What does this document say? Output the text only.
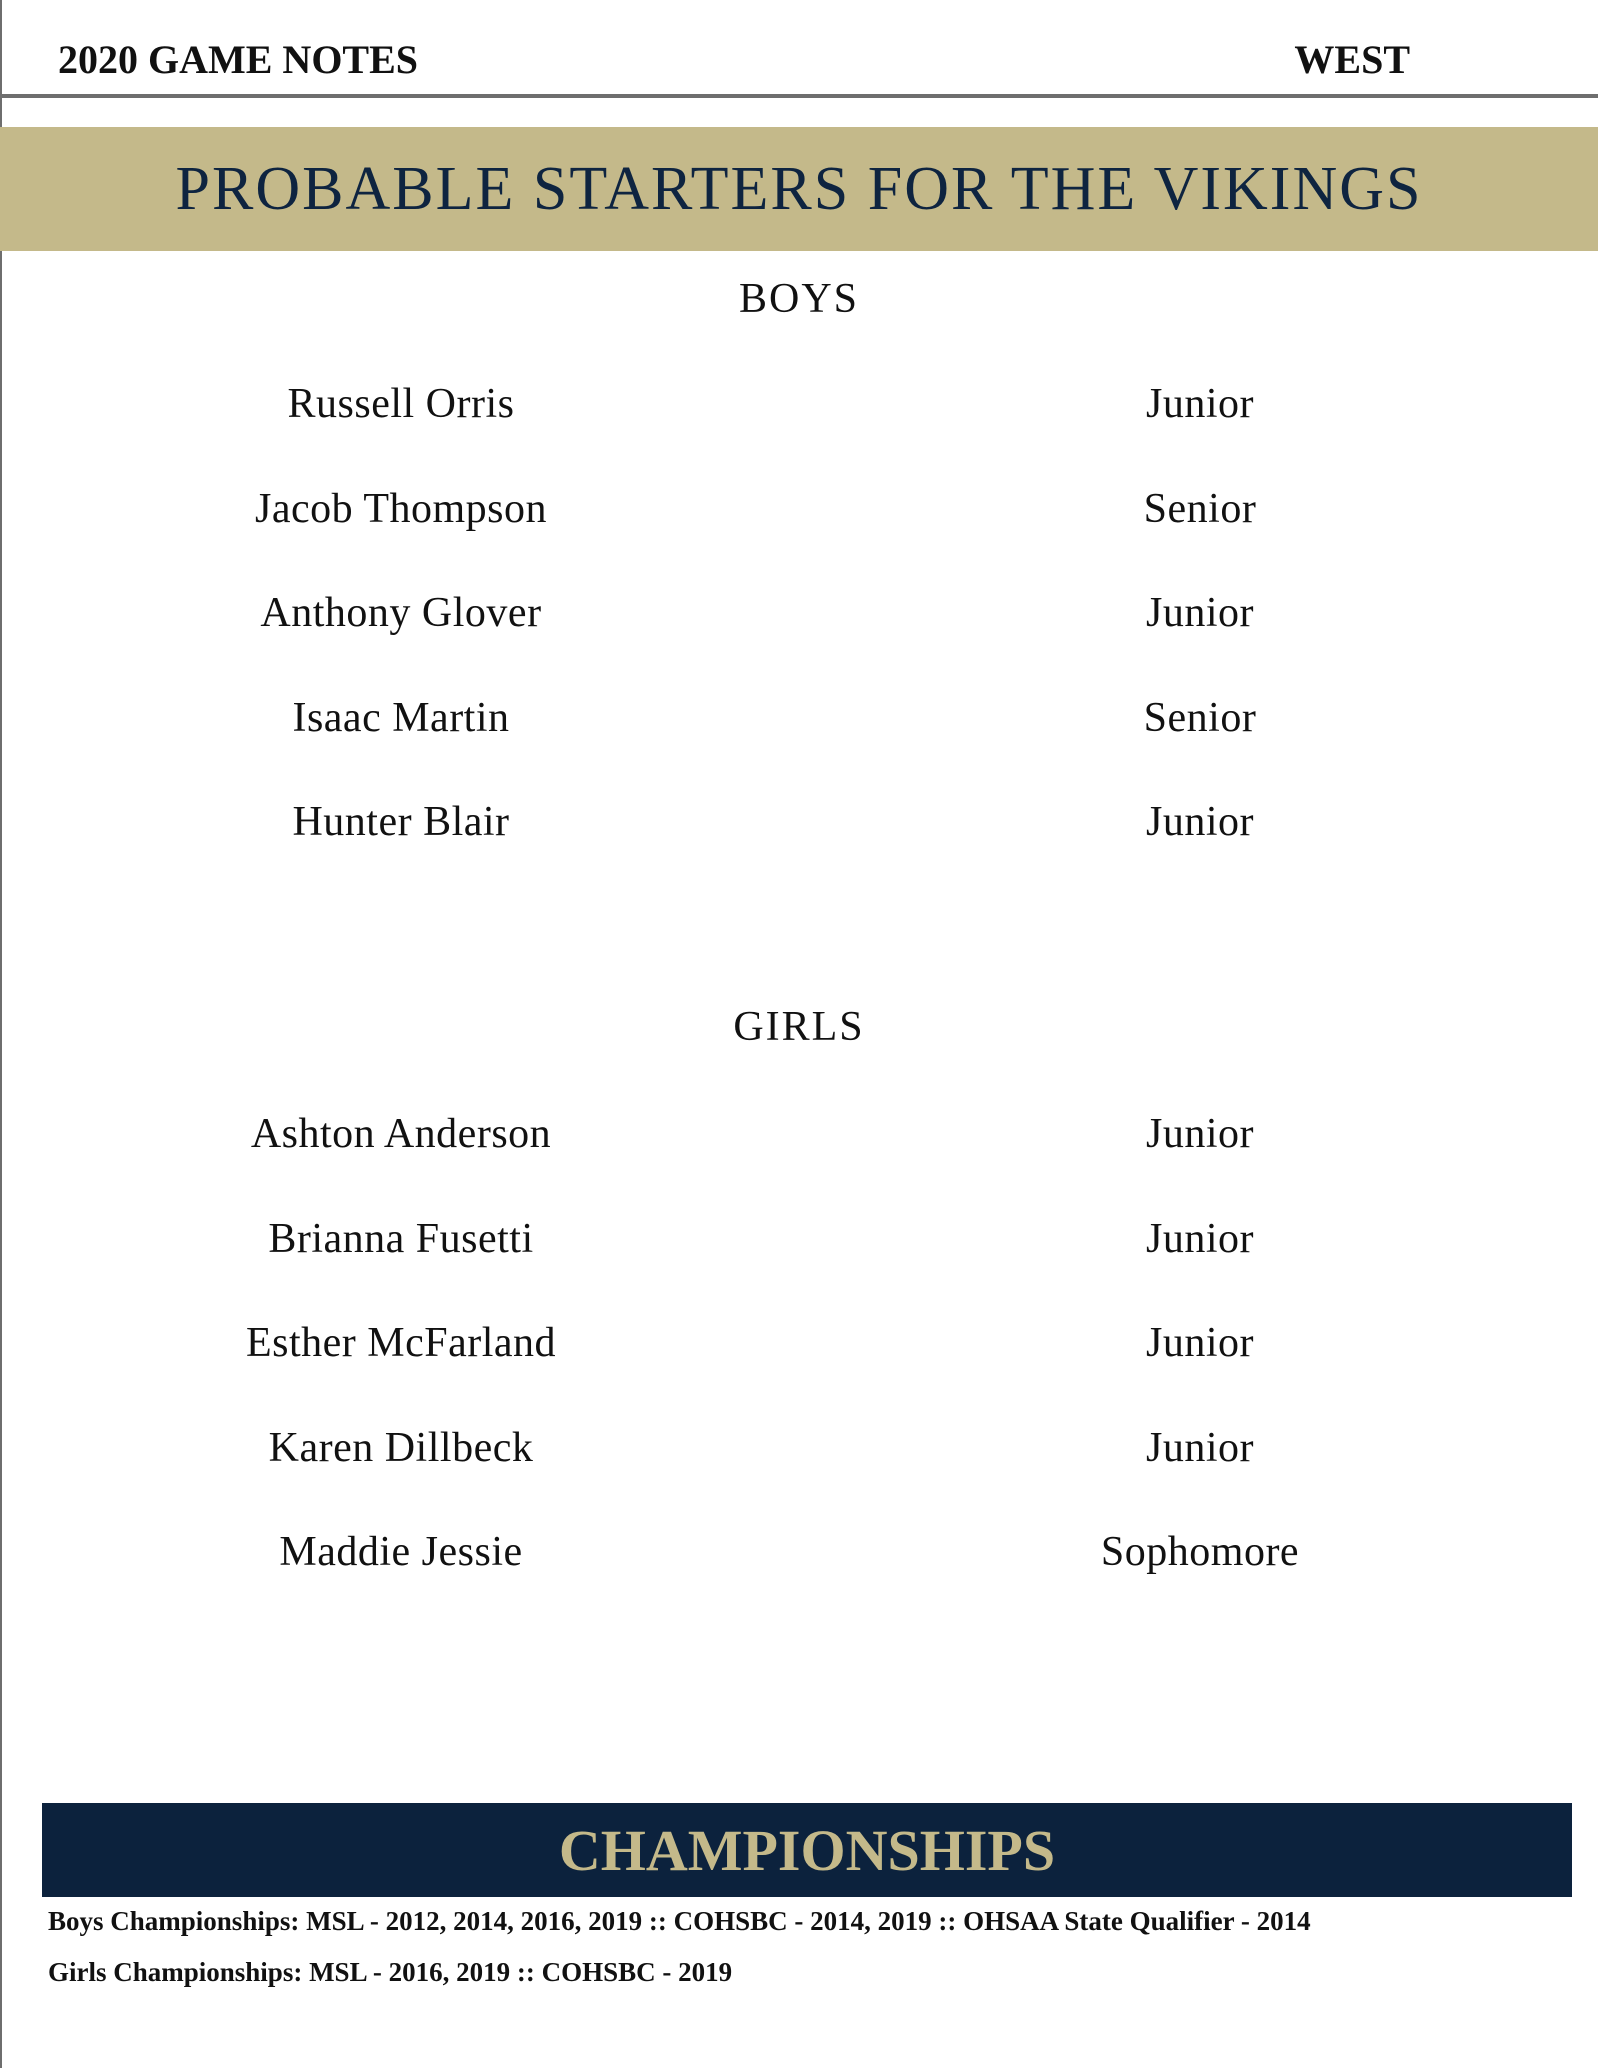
2020 GAME NOTES	WEST
PROBABLE STARTERS FOR THE VIKINGS
BOYS
Russell Orris	Junior
Jacob Thompson	Senior
Anthony Glover	Junior
Isaac Martin	Senior
Hunter Blair	Junior
GIRLS
Ashton Anderson	Junior
Brianna Fusetti	Junior
Esther McFarland	Junior
Karen Dillbeck	Junior
Maddie Jessie	Sophomore
CHAMPIONSHIPS
Boys Championships: MSL - 2012, 2014, 2016, 2019 :: COHSBC - 2014, 2019 :: OHSAA State Qualifier - 2014
Girls Championships: MSL - 2016, 2019 :: COHSBC - 2019
